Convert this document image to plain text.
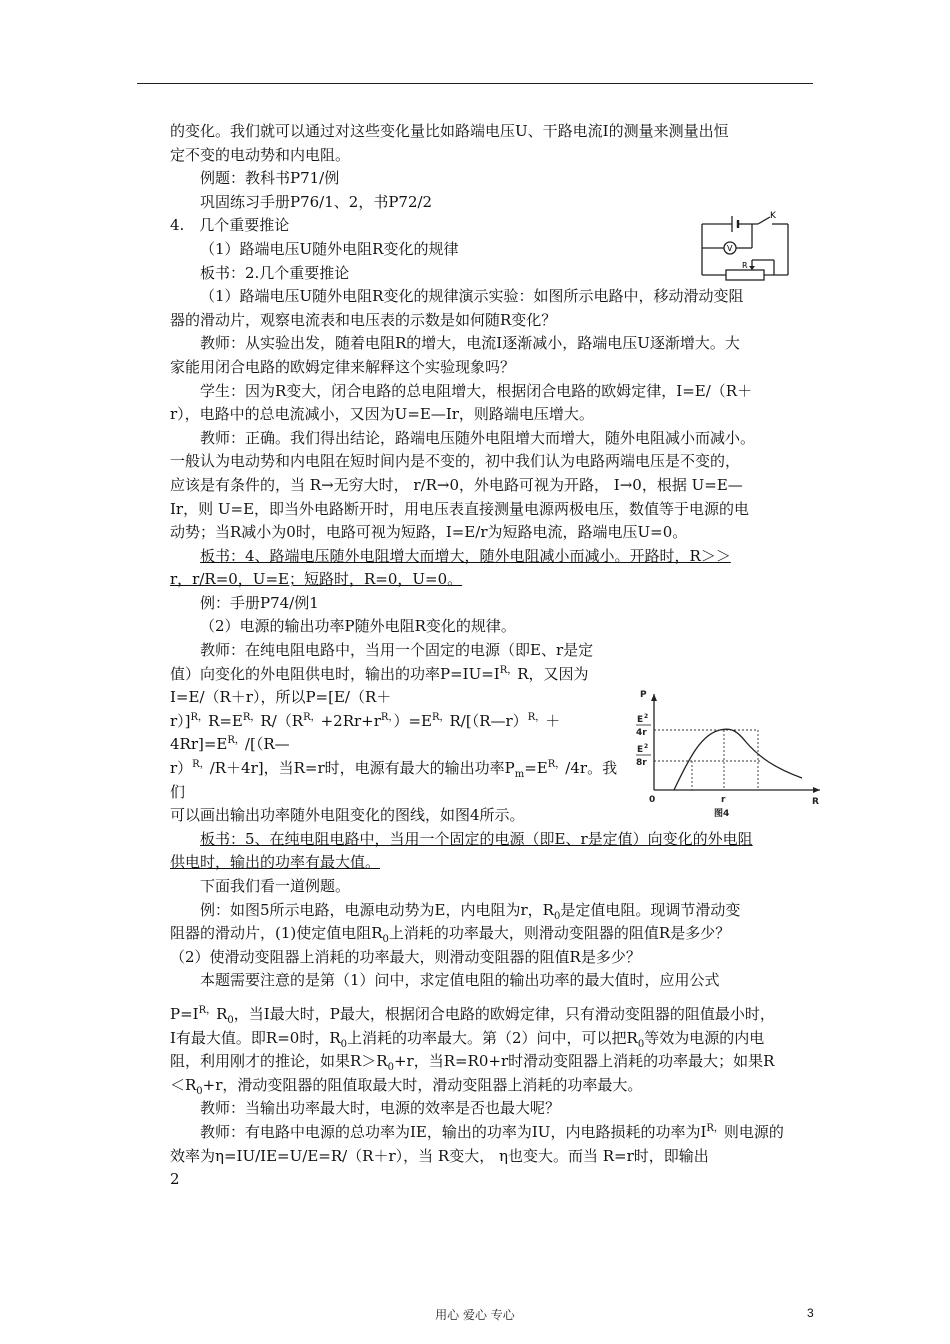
的变化。我们就可以通过对这些变化量比如路端电压U、干路电流I的测量来测量出恒

定不变的电动势和内电阻。

例题：教科书P71/例

巩固练习手册P76/1、2，书P72/2

4.　几个重要推论

（1）路端电压U随外电阻R变化的规律

板书：2.几个重要推论

（1）路端电压U随外电阻R变化的规律演示实验：如图所示电路中，移动滑动变阻

器的滑动片，观察电流表和电压表的示数是如何随R变化？

教师：从实验出发，随着电阻R的增大，电流I逐渐减小，路端电压U逐渐增大。大

家能用闭合电路的欧姆定律来解释这个实验现象吗？

学生：因为R变大，闭合电路的总电阻增大，根据闭合电路的欧姆定律，I=E/（R＋

r），电路中的总电流减小，又因为U=E—Ir，则路端电压增大。

教师：正确。我们得出结论，路端电压随外电阻增大而增大，随外电阻减小而减小。

一般认为电动势和内电阻在短时间内是不变的，初中我们认为电路两端电压是不变的，

应该是有条件的，当 R→无穷大时， r/R→0，外电路可视为开路， I→0，根据 U=E—

Ir，则 U=E，即当外电路断开时，用电压表直接测量电源两极电压，数值等于电源的电

动势；当R减小为0时，电路可视为短路，I=E/r为短路电流，路端电压U=0。

板书：4、路端电压随外电阻增大而增大，随外电阻减小而减小。开路时，R＞＞

r，r/R=0，U=E；短路时，R=0，U=0。

例：手册P74/例1

（2）电源的输出功率P随外电阻R变化的规律。

教师：在纯电阻电路中，当用一个固定的电源（即E、r是定

值）向变化的外电阻供电时，输出的功率$P=IU=I^{R,}R$，又因为

I=E/（R＋r），所以P=[E/（R＋

$r)]^{R,}R=E^{R,}R/(R^{R,}+2Rr+r^{R,})=E^{R,}R/[(R—r)^{R,}+4Rr]=E^{R,}/[(R—$

r）$^{R,}$/R＋4r]，当R=r时，电源有最大的输出功率$P_m=E^{R,}/4r$。我们

可以画出输出功率随外电阻变化的图线，如图4所示。

板书：5、在纯电阻电路中，当用一个固定的电源（即E、r是定值）向变化的外电阻

供电时，输出的功率有最大值。

下面我们看一道例题。

例：如图5所示电路，电源电动势为E，内电阻为r，$R_0$是定值电阻。现调节滑动变

阻器的滑动片，(1)使定值电阻$R_0$上消耗的功率最大，则滑动变阻器的阻值R是多少？

（2）使滑动变阻器上消耗的功率最大，则滑动变阻器的阻值R是多少？

本题需要注意的是第（1）问中，求定值电阻的输出功率的最大值时，应用公式

$P=I^{R,}R_0$，当I最大时，P最大，根据闭合电路的欧姆定律，只有滑动变阻器的阻值最小时，

I有最大值。即R=0时，$R_0$上消耗的功率最大。第（2）问中，可以把$R_0$等效为电源的内电

阻，利用刚才的推论，如果$R>R_0+r$，当R=R0+r时滑动变阻器上消耗的功率最大；如果R

$<R_0+r$，滑动变阻器的阻值取最大时，滑动变阻器上消耗的功率最大。

教师：当输出功率最大时，电源的效率是否也最大呢？

教师：有电路中电源的总功率为IE，输出的功率为IU，内电路损耗的功率为$I^{R,}$则电源的效率为η=IU/IE=U/E=R/（R＋r），当 R变大， η也变大。而当 R=r时，即输出

2

V
K
R
P
E 2
4r
E 2
8r
0	r	R
图4
用心 爱心 专心	3
